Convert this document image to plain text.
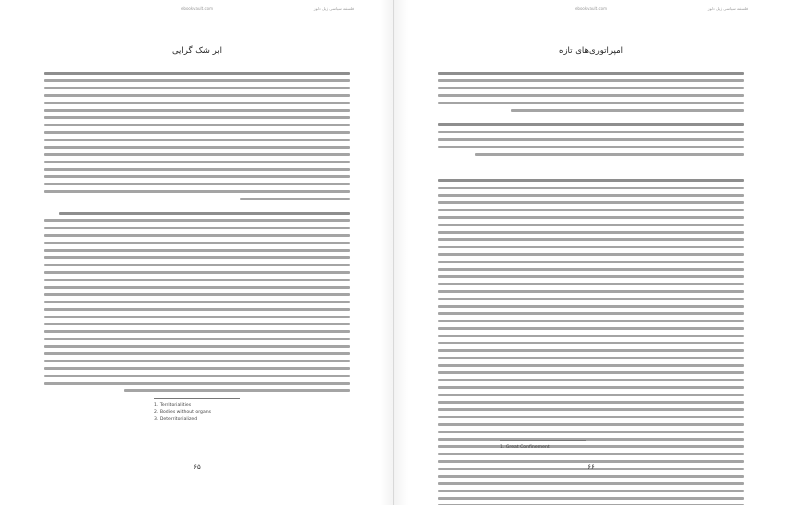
ebookvault.com	فلسفه سیاسی ژیل دلوز
ابر شک گرایی
1. Territorialities
2. Bodies without organs
3. Deterritorialized
۶۵
ebookvault.com	فلسفه سیاسی ژیل دلوز
امپراتوری‌های تازه
1. Great Confinement
۶۶
